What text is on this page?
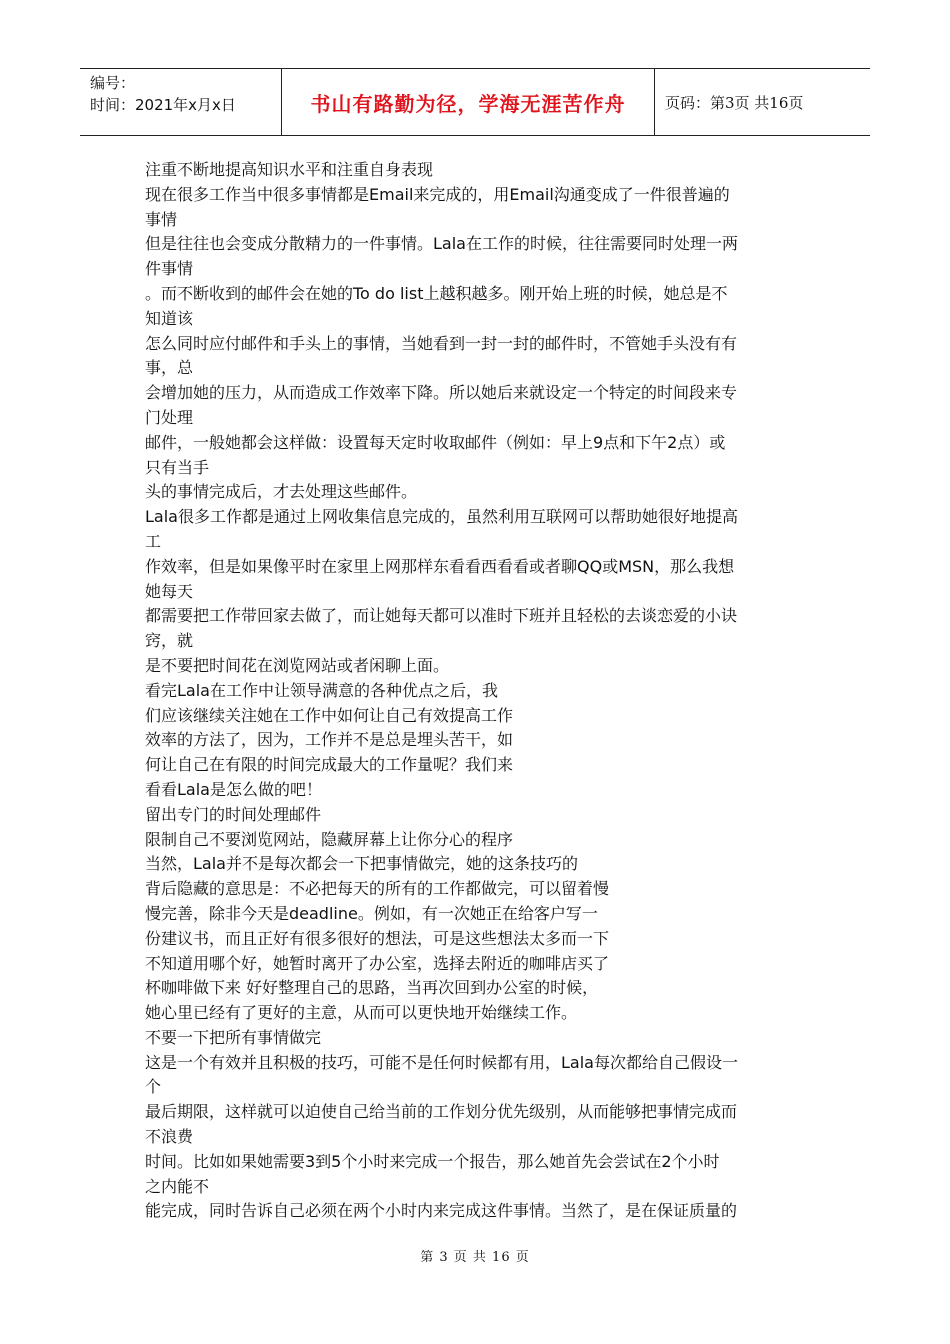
编号：
时间：2021年x月x日	书山有路勤为径，学海无涯苦作舟	页码：第3页 共16页
注重不断地提高知识水平和注重自身表现
现在很多工作当中很多事情都是Email来完成的，用Email沟通变成了一件很普遍的
事情
但是往往也会变成分散精力的一件事情。Lala在工作的时候，往往需要同时处理一两
件事情
。而不断收到的邮件会在她的To do list上越积越多。刚开始上班的时候，她总是不
知道该
怎么同时应付邮件和手头上的事情，当她看到一封一封的邮件时，不管她手头没有有
事，总
会增加她的压力，从而造成工作效率下降。所以她后来就设定一个特定的时间段来专
门处理
邮件，一般她都会这样做：设置每天定时收取邮件（例如：早上9点和下午2点）或
只有当手
头的事情完成后，才去处理这些邮件。
Lala很多工作都是通过上网收集信息完成的，虽然利用互联网可以帮助她很好地提高
工
作效率，但是如果像平时在家里上网那样东看看西看看或者聊QQ或MSN，那么我想
她每天
都需要把工作带回家去做了，而让她每天都可以准时下班并且轻松的去谈恋爱的小诀
窍，就
是不要把时间花在浏览网站或者闲聊上面。
看完Lala在工作中让领导满意的各种优点之后，我
们应该继续关注她在工作中如何让自己有效提高工作
效率的方法了，因为，工作并不是总是埋头苦干，如
何让自己在有限的时间完成最大的工作量呢？我们来
看看Lala是怎么做的吧！
留出专门的时间处理邮件
限制自己不要浏览网站，隐藏屏幕上让你分心的程序
当然，Lala并不是每次都会一下把事情做完，她的这条技巧的
背后隐藏的意思是：不必把每天的所有的工作都做完，可以留着慢
慢完善，除非今天是deadline。例如，有一次她正在给客户写一
份建议书，而且正好有很多很好的想法，可是这些想法太多而一下
不知道用哪个好，她暂时离开了办公室，选择去附近的咖啡店买了
杯咖啡做下来 好好整理自己的思路，当再次回到办公室的时候，
她心里已经有了更好的主意，从而可以更快地开始继续工作。
不要一下把所有事情做完
这是一个有效并且积极的技巧，可能不是任何时候都有用，Lala每次都给自己假设一
个
最后期限，这样就可以迫使自己给当前的工作划分优先级别，从而能够把事情完成而
不浪费
时间。比如如果她需要3到5个小时来完成一个报告，那么她首先会尝试在2个小时
之内能不
能完成，同时告诉自己必须在两个小时内来完成这件事情。当然了，是在保证质量的
第 3 页 共 16 页
